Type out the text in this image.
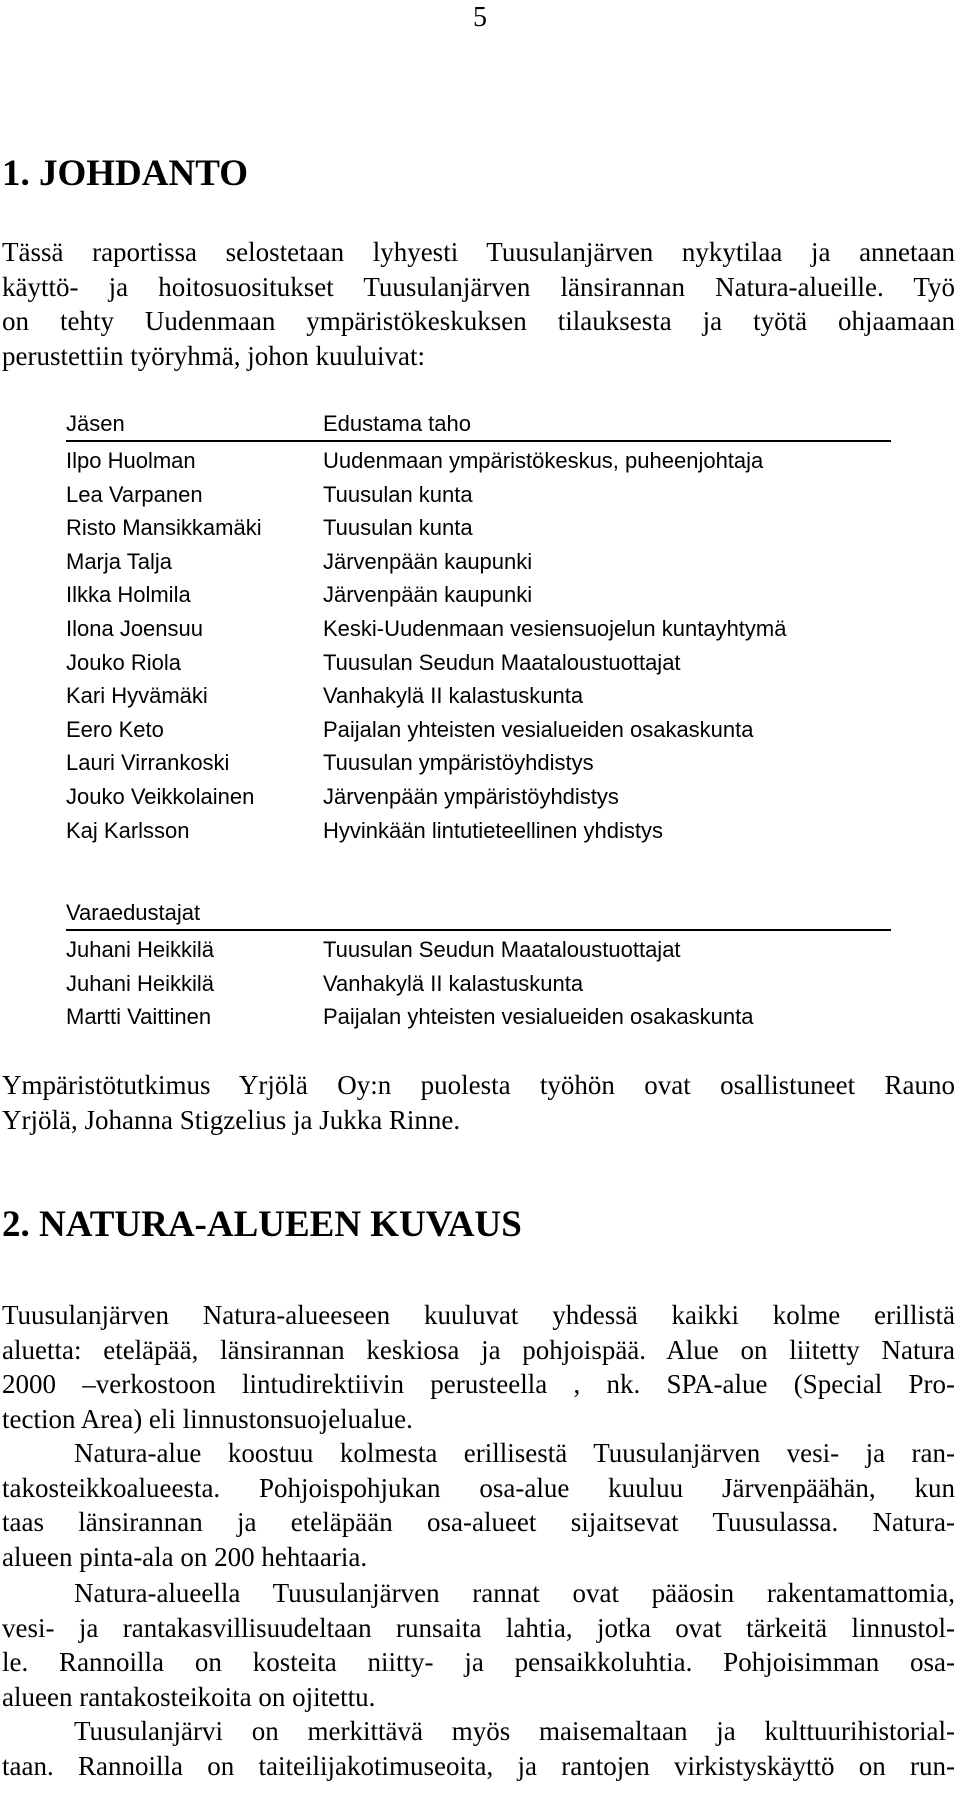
5
1. JOHDANTO

Tässä raportissa selostetaan lyhyesti Tuusulanjärven nykytilaa ja annetaan
käyttö- ja hoitosuositukset Tuusulanjärven länsirannan Natura-alueille. Työ
on tehty Uudenmaan ympäristökeskuksen tilauksesta ja työtä ohjaamaan
perustettiin työryhmä, johon kuuluivat:

Jäsen	Edustama taho
Ilpo Huolman	Uudenmaan ympäristökeskus, puheenjohtaja
Lea Varpanen	Tuusulan kunta
Risto Mansikkamäki	Tuusulan kunta
Marja Talja	Järvenpään kaupunki
Ilkka Holmila	Järvenpään kaupunki
Ilona Joensuu	Keski-Uudenmaan vesiensuojelun kuntayhtymä
Jouko Riola	Tuusulan Seudun Maataloustuottajat
Kari Hyvämäki	Vanhakylä II kalastuskunta
Eero Keto	Paijalan yhteisten vesialueiden osakaskunta
Lauri Virrankoski	Tuusulan ympäristöyhdistys
Jouko Veikkolainen	Järvenpään ympäristöyhdistys
Kaj Karlsson	Hyvinkään lintutieteellinen yhdistys
Varaedustajat
Juhani Heikkilä	Tuusulan Seudun Maataloustuottajat
Juhani Heikkilä	Vanhakylä II kalastuskunta
Martti Vaittinen	Paijalan yhteisten vesialueiden osakaskunta

Ympäristötutkimus Yrjölä Oy:n puolesta työhön ovat osallistuneet Rauno
Yrjölä, Johanna Stigzelius ja Jukka Rinne.

2. NATURA-ALUEEN KUVAUS

Tuusulanjärven Natura-alueeseen kuuluvat yhdessä kaikki kolme erillistä
aluetta: eteläpää, länsirannan keskiosa ja pohjoispää. Alue on liitetty Natura
2000 –verkostoon lintudirektiivin perusteella , nk. SPA-alue (Special Pro-
tection Area) eli linnustonsuojelualue.

Natura-alue koostuu kolmesta erillisestä Tuusulanjärven vesi- ja ran-
takosteikkoalueesta. Pohjoispohjukan osa-alue kuuluu Järvenpäähän, kun
taas länsirannan ja eteläpään osa-alueet sijaitsevat Tuusulassa. Natura-
alueen pinta-ala on 200 hehtaaria.

Natura-alueella Tuusulanjärven rannat ovat pääosin rakentamattomia,
vesi- ja rantakasvillisuudeltaan runsaita lahtia, jotka ovat tärkeitä linnustol-
le. Rannoilla on kosteita niitty- ja pensaikkoluhtia. Pohjoisimman osa-
alueen rantakosteikoita on ojitettu.

Tuusulanjärvi on merkittävä myös maisemaltaan ja kulttuurihistorial-
taan. Rannoilla on taiteilijakotimuseoita, ja rantojen virkistyskäyttö on run-
